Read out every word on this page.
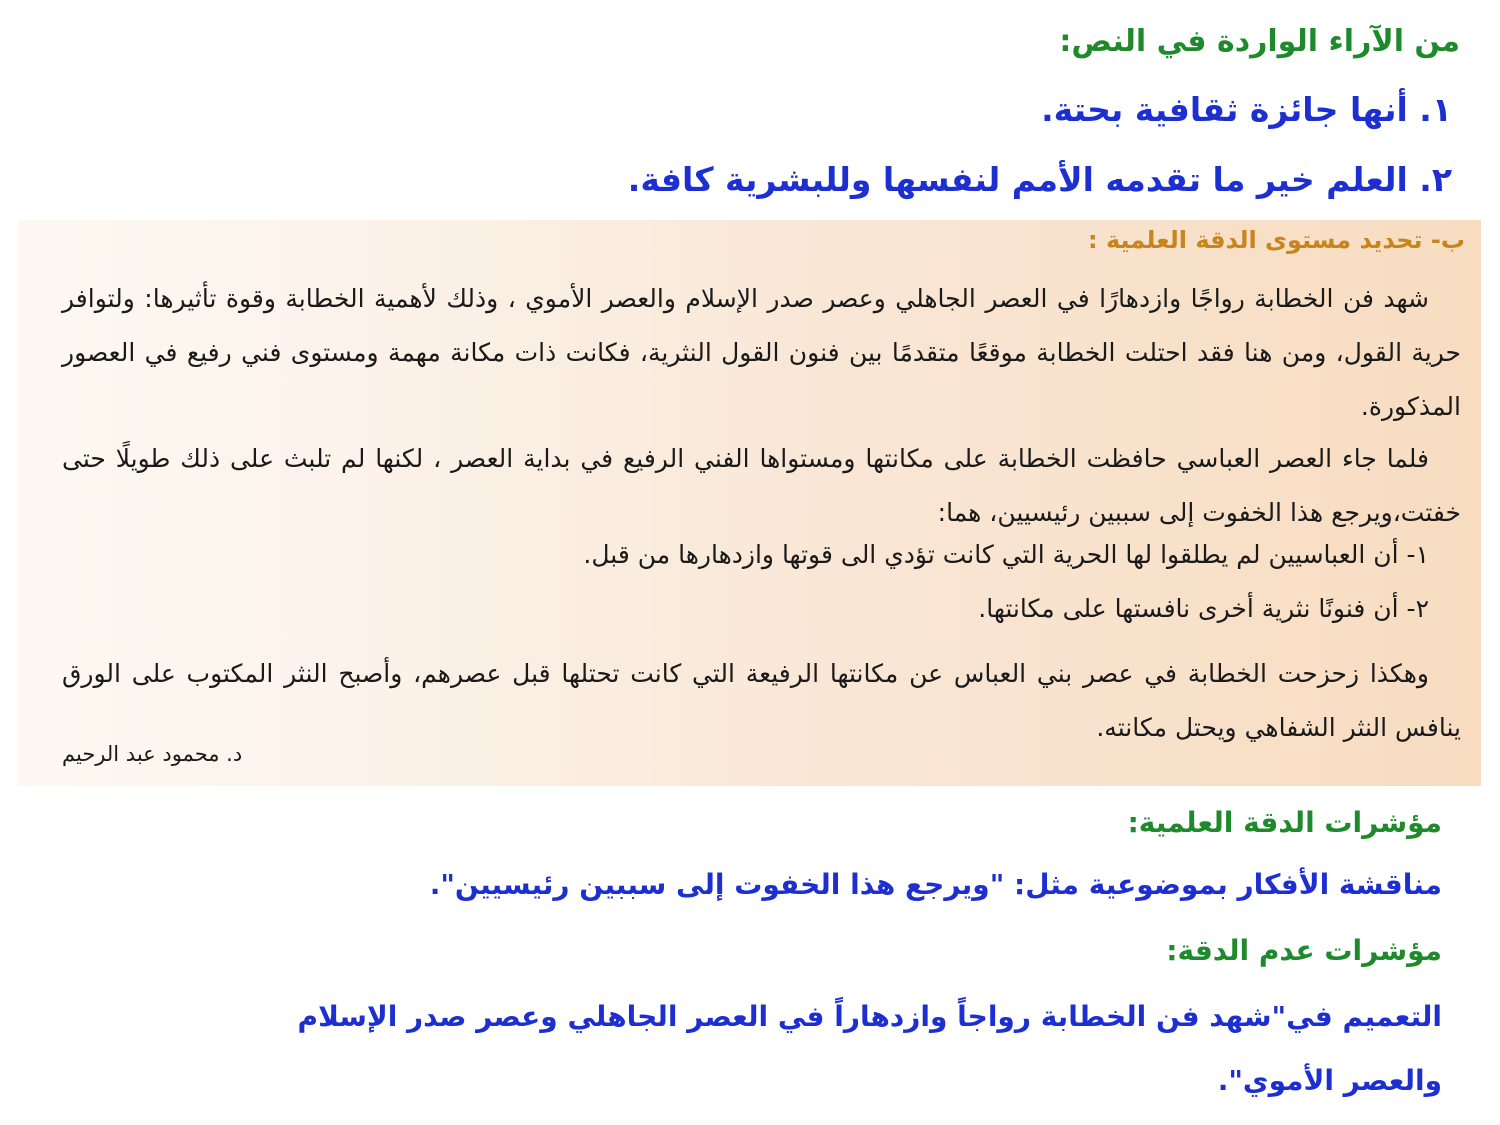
من الآراء الواردة في النص:
١. أنها جائزة ثقافية بحتة.
٢. العلم خير ما تقدمه الأمم لنفسها وللبشرية كافة.
ب- تحديد مستوى الدقة العلمية :
شهد فن الخطابة رواجًا وازدهارًا في العصر الجاهلي وعصر صدر الإسلام والعصر الأموي ، وذلك لأهمية الخطابة وقوة تأثيرها: ولتوافر حرية القول، ومن هنا فقد احتلت الخطابة موقعًا متقدمًا بين فنون القول النثرية، فكانت ذات مكانة مهمة ومستوى فني رفيع في العصور المذكورة.
فلما جاء العصر العباسي حافظت الخطابة على مكانتها ومستواها الفني الرفيع في بداية العصر ، لكنها لم تلبث على ذلك طويلًا حتى خفتت،ويرجع هذا الخفوت إلى سببين رئيسيين، هما:
١- أن العباسيين لم يطلقوا لها الحرية التي كانت تؤدي الى قوتها وازدهارها من قبل.
٢- أن فنونًا نثرية أخرى نافستها على مكانتها.
وهكذا زحزحت الخطابة في عصر بني العباس عن مكانتها الرفيعة التي كانت تحتلها قبل عصرهم، وأصبح النثر المكتوب على الورق ينافس النثر الشفاهي ويحتل مكانته.
د. محمود عبد الرحيم
مؤشرات الدقة العلمية:
مناقشة الأفكار بموضوعية مثل: "ويرجع هذا الخفوت إلى سببين رئيسيين".
مؤشرات عدم الدقة:
التعميم في"شهد فن الخطابة رواجاً وازدهاراً في العصر الجاهلي وعصر صدر الإسلام
والعصر الأموي".
